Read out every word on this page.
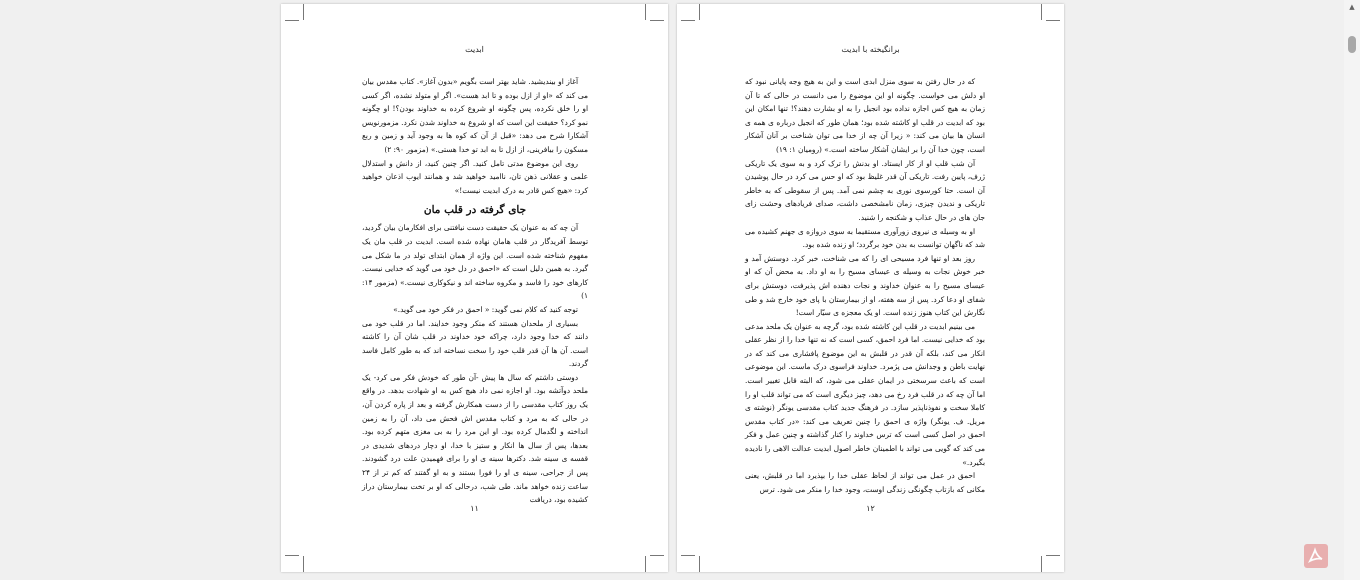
ابدیت

آغاز او بیندیشید. شاید بهتر است بگویم «بدون آغاز». کتاب مقدس بیان می کند که «او از ازل بوده و تا ابد هست». اگر او متولد نشده، اگر کسی او را خلق نکرده، پس چگونه او شروع کرده به خداوند بودن؟! او چگونه نمو کرد؟ حقیقت این است که او شروع به خداوند شدن نکرد. مزمورنویس آشکارا شرح می دهد: «قبل از آن که کوه ها به وجود آید و زمین و ربع مسکون را بیافرینی، از ازل تا به ابد تو خدا هستی.» (مزمور ۹۰: ۲)

روی این موضوع مدتی تامل کنید. اگر چنین کنید، از دانش و استدلال علمی و عقلانی ذهن تان، ناامید خواهید شد و همانند ایوب اذعان خواهید کرد: «هیچ کس قادر به درک ابدیت نیست!»

جای گرفته در قلب مان

آن چه که به عنوان یک حقیقت دست نیافتنی برای افکارمان بیان گردید، توسط آفریدگار در قلب هامان نهاده شده است. ابدیت در قلب مان یک مفهوم شناخته شده است. این واژه از همان ابتدای تولد در ما شکل می گیرد. به همین دلیل است که «احمق در دل خود می گوید که خدایی نیست. کارهای خود را فاسد و مکروه ساخته اند و نیکوکاری نیست.» (مزمور ۱۴: ۱)

توجه کنید که کلام نمی گوید: « احمق در فکر خود می گوید.»

بسیاری از ملحدان هستند که منکر وجود خدایند. اما در قلب خود می دانند که خدا وجود دارد، چراکه خود خداوند در قلب شان آن را کاشته است. آن ها آن قدر قلب خود را سخت نساخته اند که به طور کامل فاسد گردند.

دوستی داشتم که سال ها پیش -آن طور که خودش فکر می کرد- یک ملحد دوآتشه بود. او اجازه نمی داد هیچ کس به او شهادت بدهد. در واقع یک روز کتاب مقدسی را از دست همکارش گرفته و بعد از پاره کردن آن، در حالی که به مرد و کتاب مقدس اش فحش می داد، آن را به زمین انداخته و لگدمال کرده بود. او این مرد را به بی مغزی متهم کرده بود. بعدها، پس از سال ها انکار و ستیز با خدا، او دچار دردهای شدیدی در قفسه ی سینه شد. دکترها سینه ی او را برای فهمیدن علت درد گشودند. پس از جراحی، سینه ی او را فورا بستند و به او گفتند که کم تر از ۲۴ ساعت زنده خواهد ماند. طی شب، درحالی که او بر تخت بیمارستان دراز کشیده بود، دریافت

۱۱
برانگیخته با ابدیت

که در حال رفتن به سوی منزل ابدی است و این به هیچ وجه پایانی نبود که او دلش می خواست. چگونه او این موضوع را می دانست در حالی که تا آن زمان به هیچ کس اجازه نداده بود انجیل را به او بشارت دهند؟! تنها امکان این بود که ابدیت در قلب او کاشته شده بود؛ همان طور که انجیل درباره ی همه ی انسان ها بیان می کند: « زیرا آن چه از خدا می توان شناخت بر آنان آشکار است، چون خدا آن را بر ایشان آشکار ساخته است.» (رومیان ۱: ۱۹)

آن شب قلب او از کار ایستاد. او بدنش را ترک کرد و به سوی یک تاریکی ژرف، پایین رفت. تاریکی آن قدر غلیظ بود که او حس می کرد در حال پوشیدن آن است. حتا کورسوی نوری به چشم نمی آمد. پس از سقوطی که به خاطر تاریکی و ندیدن چیزی، زمان نامشخصی داشت، صدای فریادهای وحشت زای جان های در حال عذاب و شکنجه را شنید.

او به وسیله ی نیروی زورآوری مستقیما به سوی دروازه ی جهنم کشیده می شد که ناگهان توانست به بدن خود برگردد؛ او زنده شده بود.

روز بعد او تنها فرد مسیحی ای را که می شناخت، خبر کرد. دوستش آمد و خبر خوش نجات به وسیله ی عیسای مسیح را به او داد. به محض آن که او عیسای مسیح را به عنوان خداوند و نجات دهنده اش پذیرفت، دوستش برای شفای او دعا کرد. پس از سه هفته، او از بیمارستان با پای خود خارج شد و طی نگارش این کتاب هنوز زنده است. او یک معجزه ی سیّار است!

می بینیم ابدیت در قلب این کاشته شده بود، گرچه به عنوان یک ملحد مدعی بود که خدایی نیست. اما فرد احمق، کسی است که نه تنها خدا را از نظر عقلی انکار می کند، بلکه آن قدر در قلبش به این موضوع پافشاری می کند که در نهایت باطن و وجدانش می پژمرد. خداوند فراسوی درک ماست. این موضوعی است که باعث سرسختی در ایمان عقلی می شود، که البته قابل تغییر است. اما آن چه که در قلب فرد رخ می دهد، چیز دیگری است که می تواند قلب او را کاملا سخت و نفوذناپذیر سازد. در فرهنگ جدید کتاب مقدسی یونگر (نوشته ی مریل. ف. یونگر) واژه ی احمق را چنین تعریف می کند: «در کتاب مقدس احمق در اصل کسی است که ترس خداوند را کنار گذاشته و چنین عمل و فکر می کند که گویی می تواند با اطمینان خاطر اصول ابدیت عدالت الاهی را نادیده بگیرد.»

احمق در عمل می تواند از لحاظ عقلی خدا را بپذیرد اما در قلبش، یعنی مکانی که بازتاب چگونگی زندگی اوست، وجود خدا را منکر می شود. ترس

۱۲
▲
